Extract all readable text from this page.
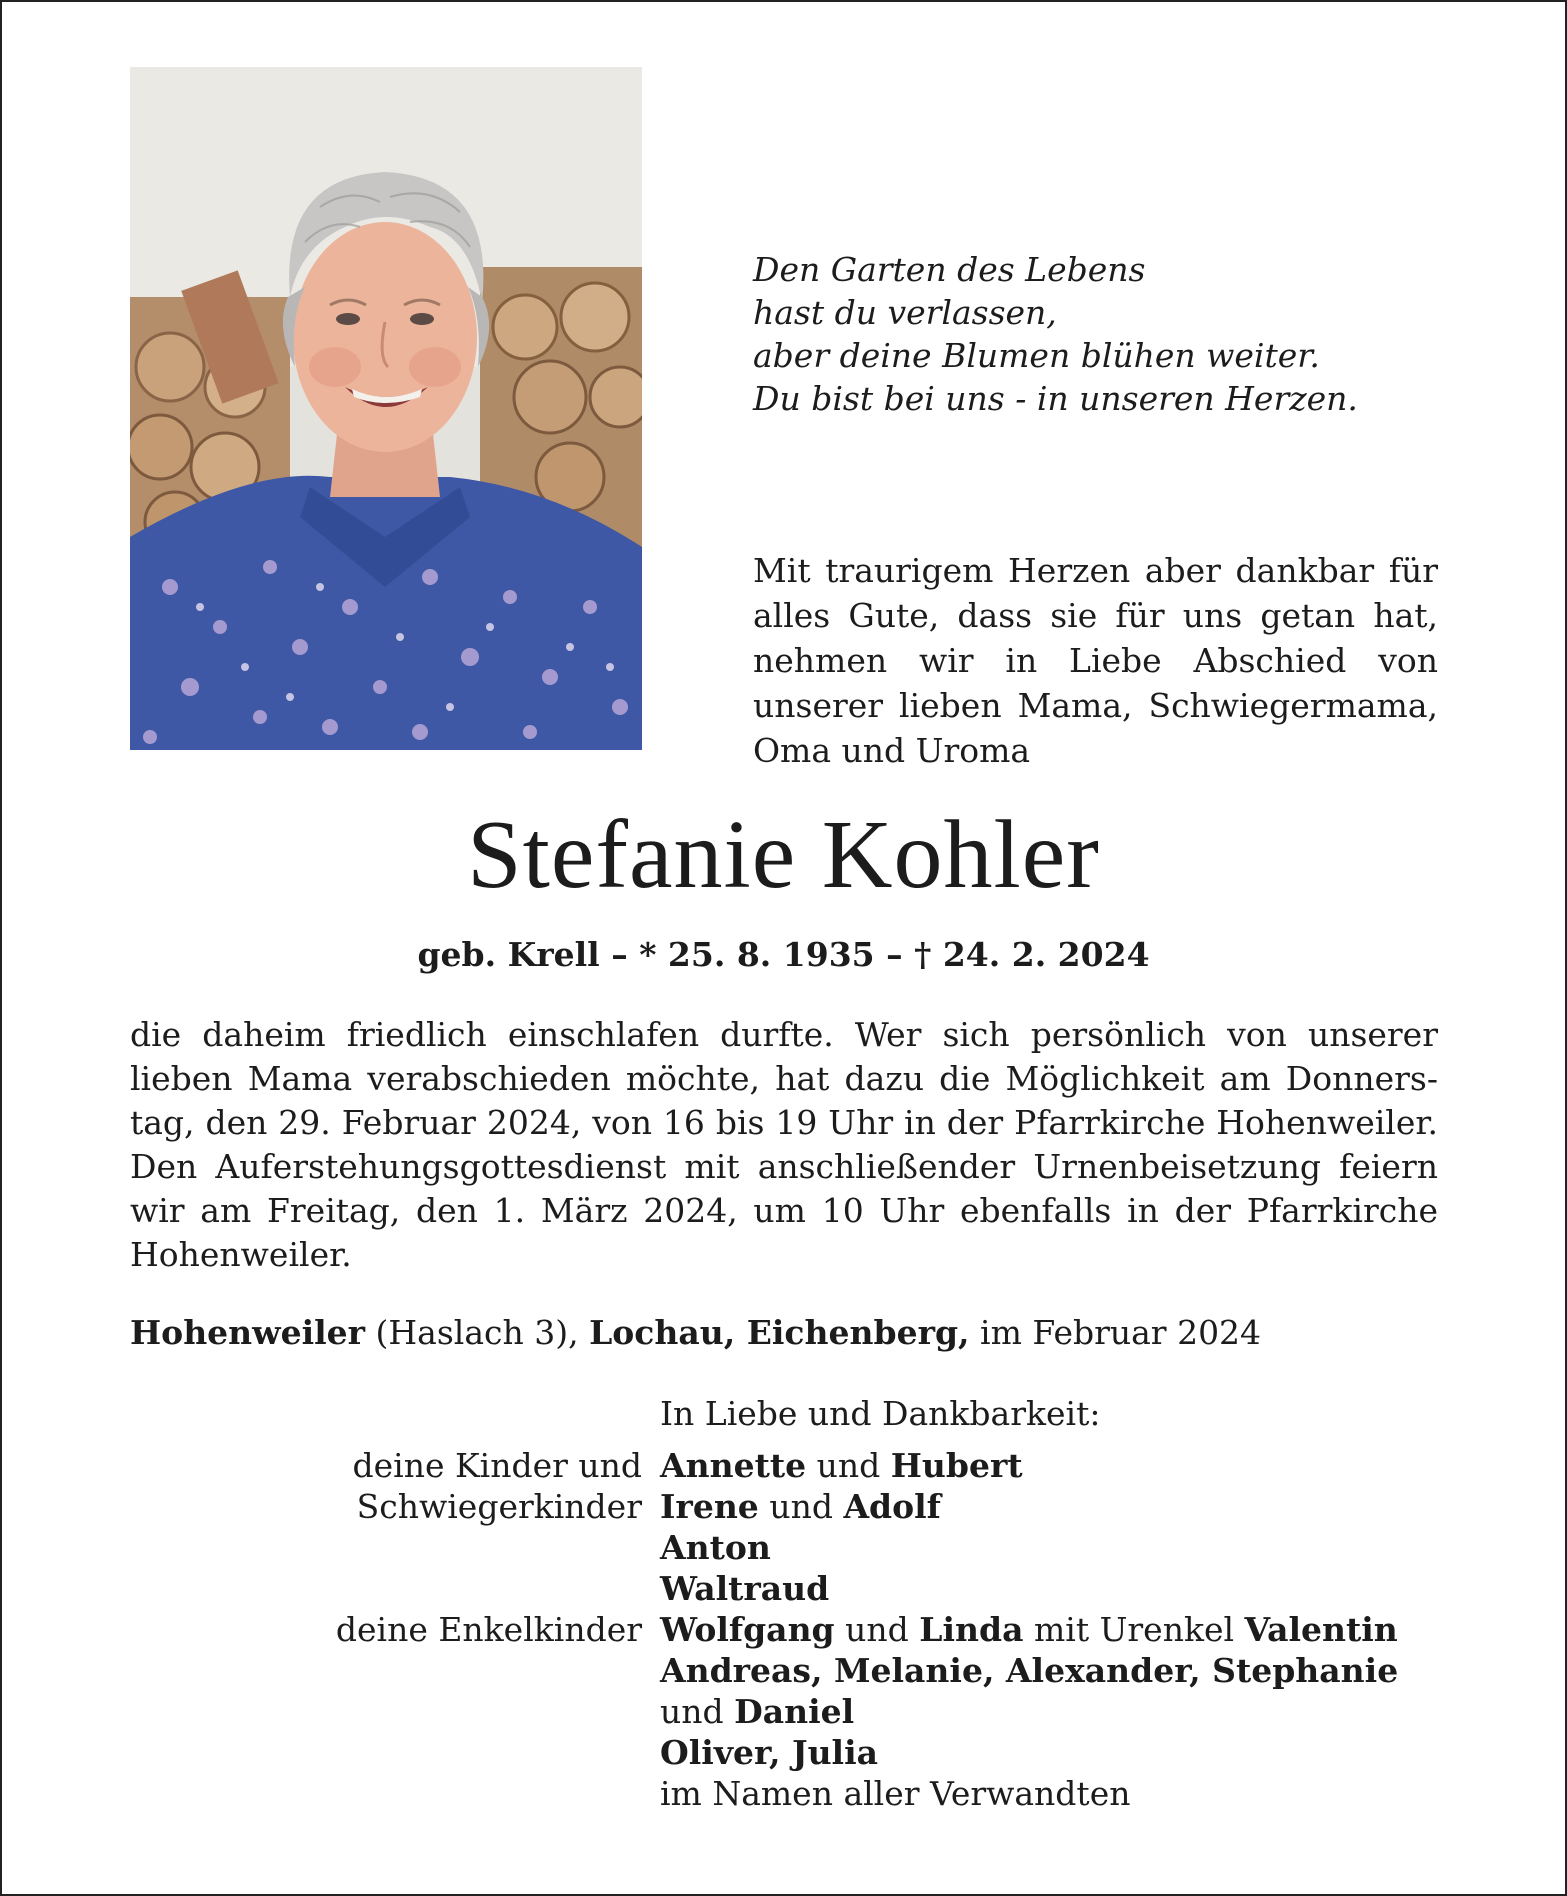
Den Garten des Lebens
hast du verlassen,
aber deine Blumen blühen weiter.
Du bist bei uns - in unseren Herzen.
Mit traurigem Herzen aber dankbar für alles Gute, dass sie für uns getan hat, nehmen wir in Liebe Abschied von unserer lieben Mama, Schwiegermama, Oma und Uroma
Stefanie Kohler
geb. Krell – * 25. 8. 1935 – † 24. 2. 2024
die daheim friedlich einschlafen durfte. Wer sich persönlich von unserer lieben Mama verabschieden möchte, hat dazu die Möglichkeit am Donnerstag, den 29. Februar 2024, von 16 bis 19 Uhr in der Pfarrkirche Hohenweiler. Den Auferstehungsgottesdienst mit anschließender Urnenbeisetzung feiern wir am Freitag, den 1. März 2024, um 10 Uhr ebenfalls in der Pfarrkirche Hohenweiler.
Hohenweiler (Haslach 3), Lochau, Eichenberg, im Februar 2024
In Liebe und Dankbarkeit:
deine Kinder und Annette und Hubert
Schwiegerkinder Irene und Adolf
Anton
Waltraud
deine Enkelkinder Wolfgang und Linda mit Urenkel Valentin
Andreas, Melanie, Alexander, Stephanie
und Daniel
Oliver, Julia
im Namen aller Verwandten
